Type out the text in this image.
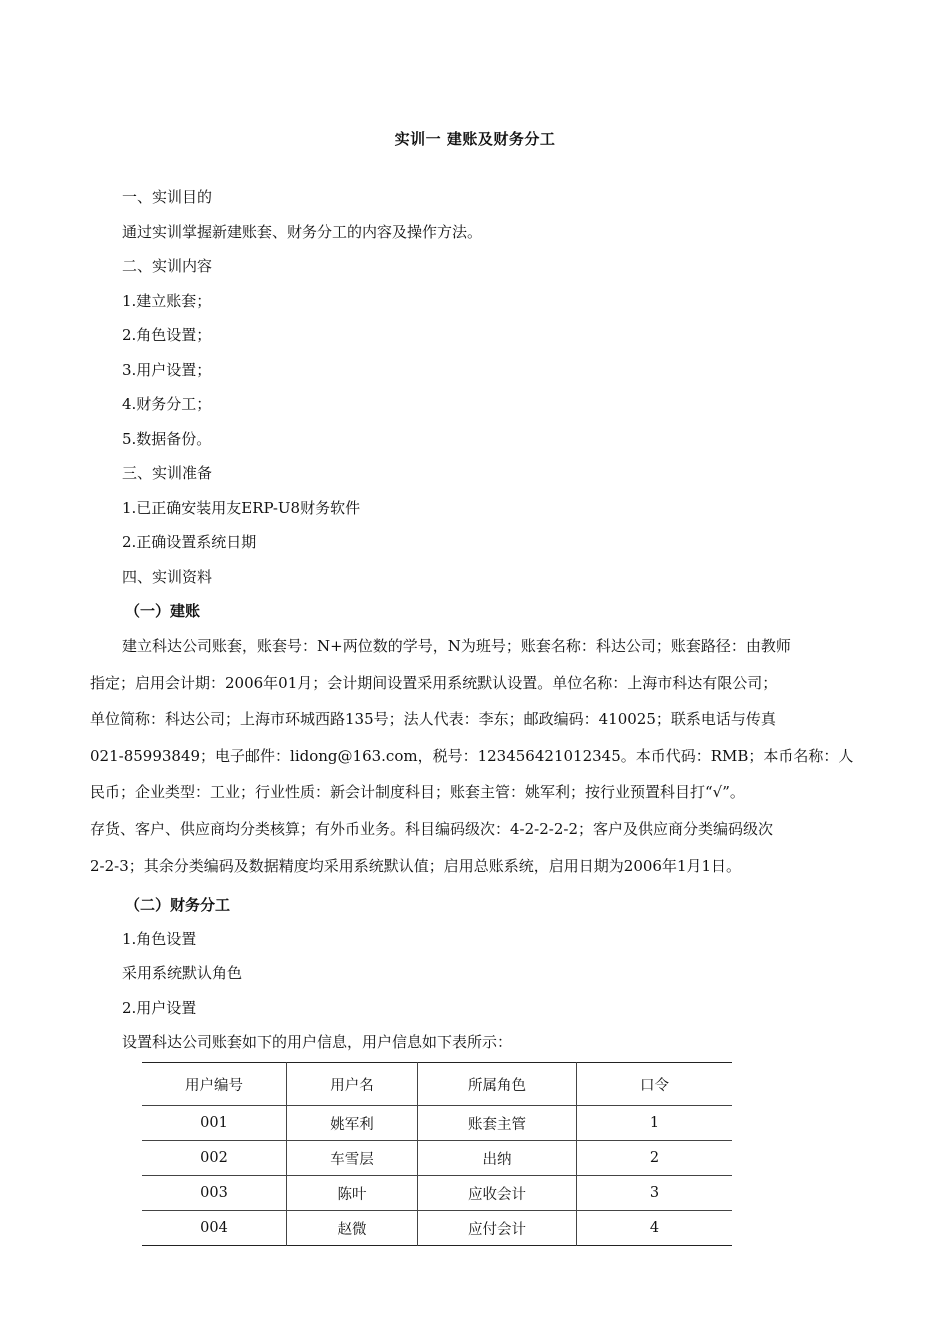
实训一 建账及财务分工
一、实训目的
通过实训掌握新建账套、财务分工的内容及操作方法。
二、实训内容
1.建立账套；
2.角色设置；
3.用户设置；
4.财务分工；
5.数据备份。
三、实训准备
1.已正确安装用友ERP-U8财务软件
2.正确设置系统日期
四、实训资料
（一）建账
建立科达公司账套，账套号：N+两位数的学号，N为班号；账套名称：科达公司；账套路径：由教师
指定；启用会计期：2006年01月；会计期间设置采用系统默认设置。单位名称：上海市科达有限公司；
单位简称：科达公司；上海市环城西路135号；法人代表：李东；邮政编码：410025；联系电话与传真
021-85993849；电子邮件：lidong@163.com，税号：123456421012345。本币代码：RMB；本币名称：人
民币；企业类型：工业；行业性质：新会计制度科目；账套主管：姚军利；按行业预置科目打“√”。
存货、客户、供应商均分类核算；有外币业务。科目编码级次：4-2-2-2-2；客户及供应商分类编码级次
2-2-3；其余分类编码及数据精度均采用系统默认值；启用总账系统，启用日期为2006年1月1日。
（二）财务分工
1.角色设置
采用系统默认角色
2.用户设置
设置科达公司账套如下的用户信息，用户信息如下表所示：
用户编号	用户名	所属角色	口令
001	姚军利	账套主管	1
002	车雪层	出纳	2
003	陈叶	应收会计	3
004	赵微	应付会计	4
